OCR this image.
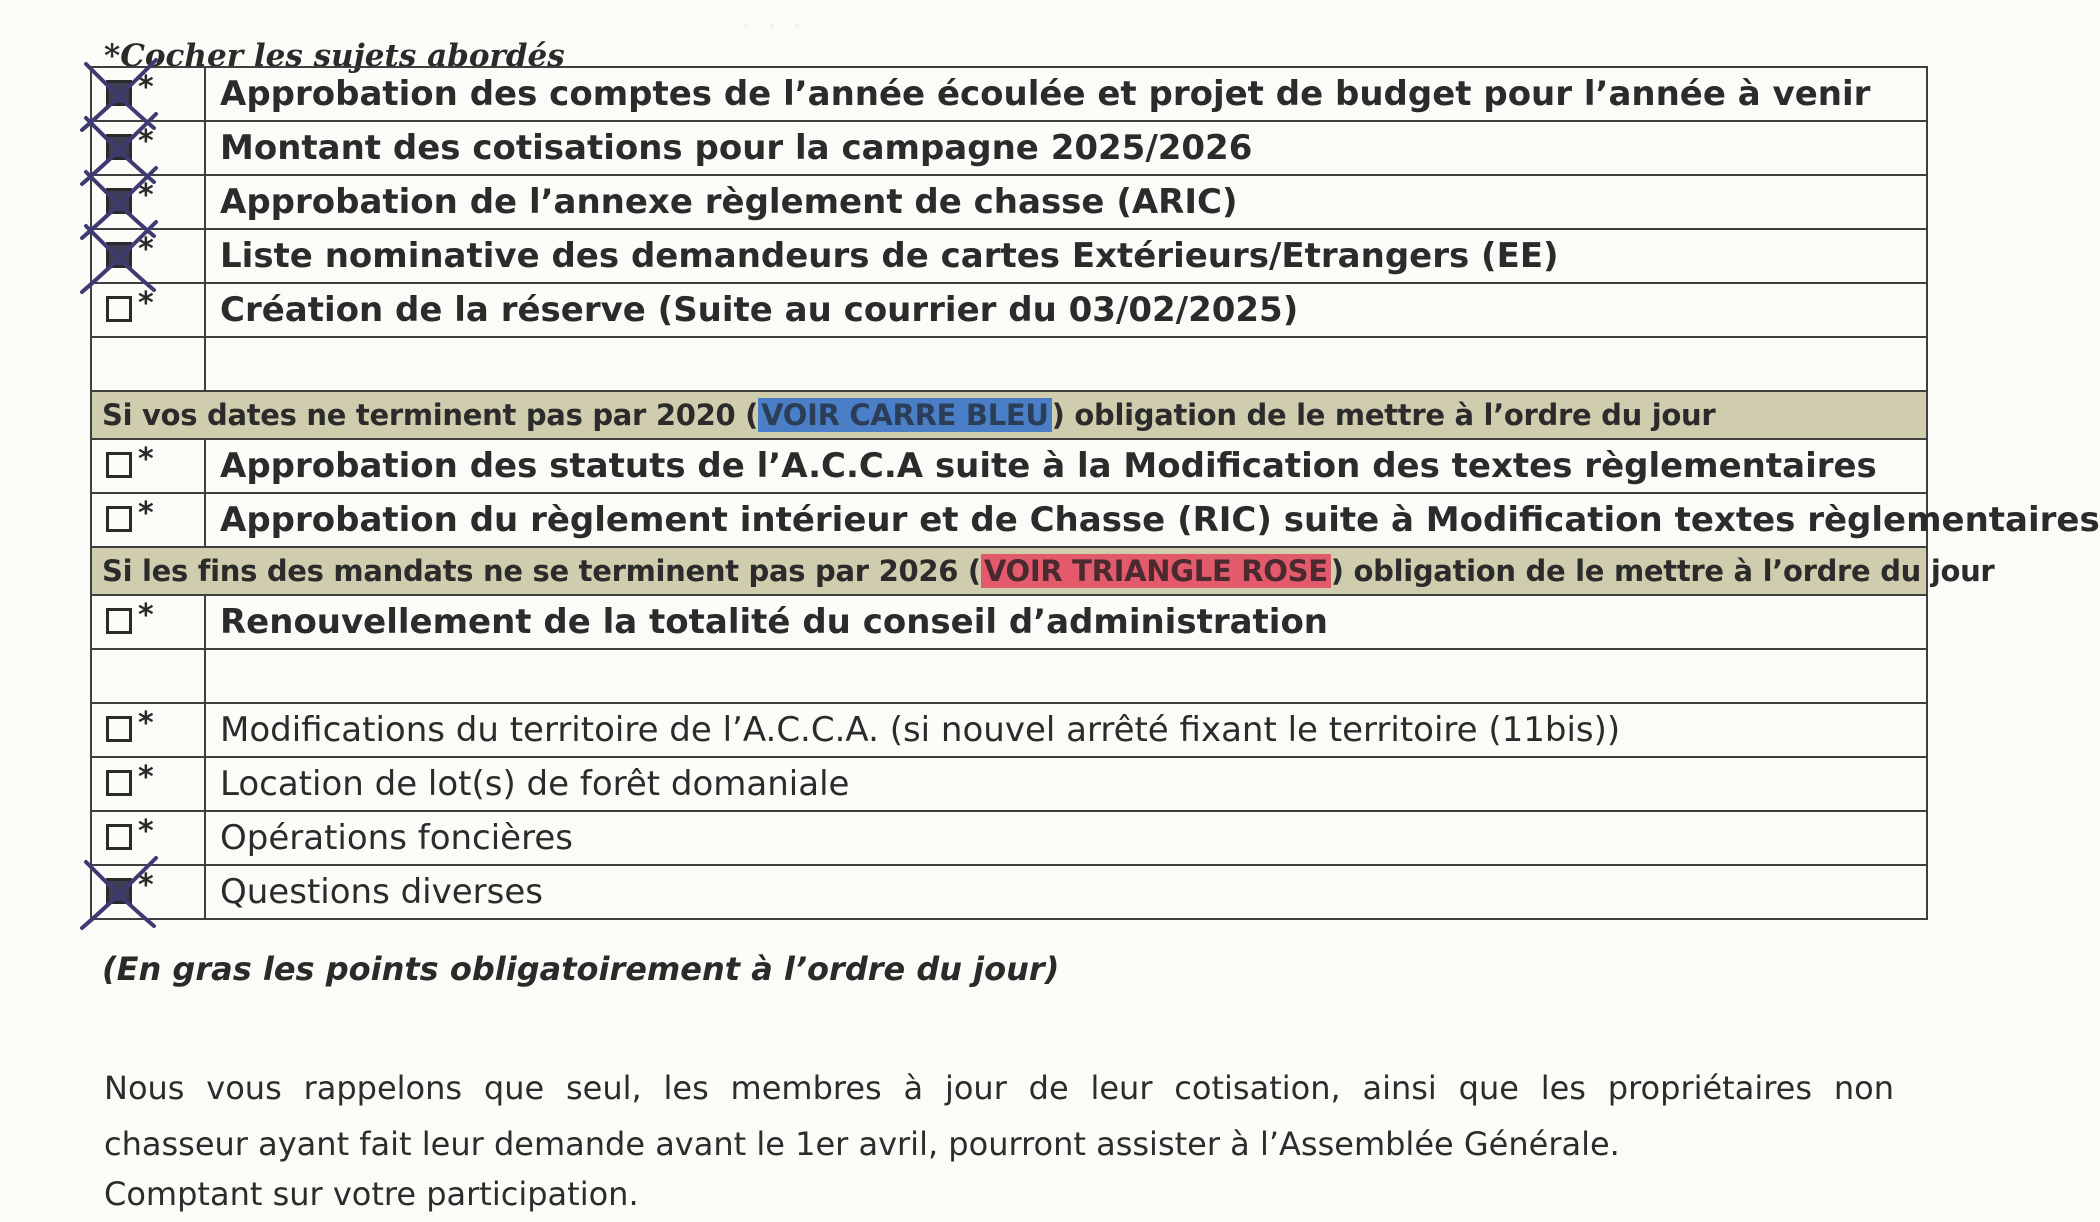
· · ·
*Cocher les sujets abordés
*	Approbation des comptes de l’année écoulée et projet de budget pour l’année à venir

*	Montant des cotisations pour la campagne 2025/2026

*	Approbation de l’annexe règlement de chasse (ARIC)

*	Liste nominative des demandeurs de cartes Extérieurs/Etrangers (EE)

*	Création de la réserve (Suite au courrier du 03/02/2025)

Si vos dates ne terminent pas par 2020 ( VOIR CARRE BLEU ) obligation de le mettre à l’ordre du jour	

*	Approbation des statuts de l’A.C.C.A suite à la Modification des textes règlementaires

*	Approbation du règlement intérieur et de Chasse (RIC) suite à Modification textes règlementaires
Si les fins des mandats ne se terminent pas par 2026 ( VOIR TRIANGLE ROSE ) obligation de le mettre à l’ordre du jour	

*	Renouvellement de la totalité du conseil d’administration

*	Modifications du territoire de l’A.C.C.A. (si nouvel arrêté fixant le territoire (11bis))

*	Location de lot(s) de forêt domaniale

*	Opérations foncières

*	Questions diverses
(En gras les points obligatoirement à l’ordre du jour)
Nous vous rappelons que seul, les membres à jour de leur cotisation, ainsi que les propriétaires non
chasseur ayant fait leur demande avant le 1er avril, pourront assister à l’Assemblée Générale.
Comptant sur votre participation.
